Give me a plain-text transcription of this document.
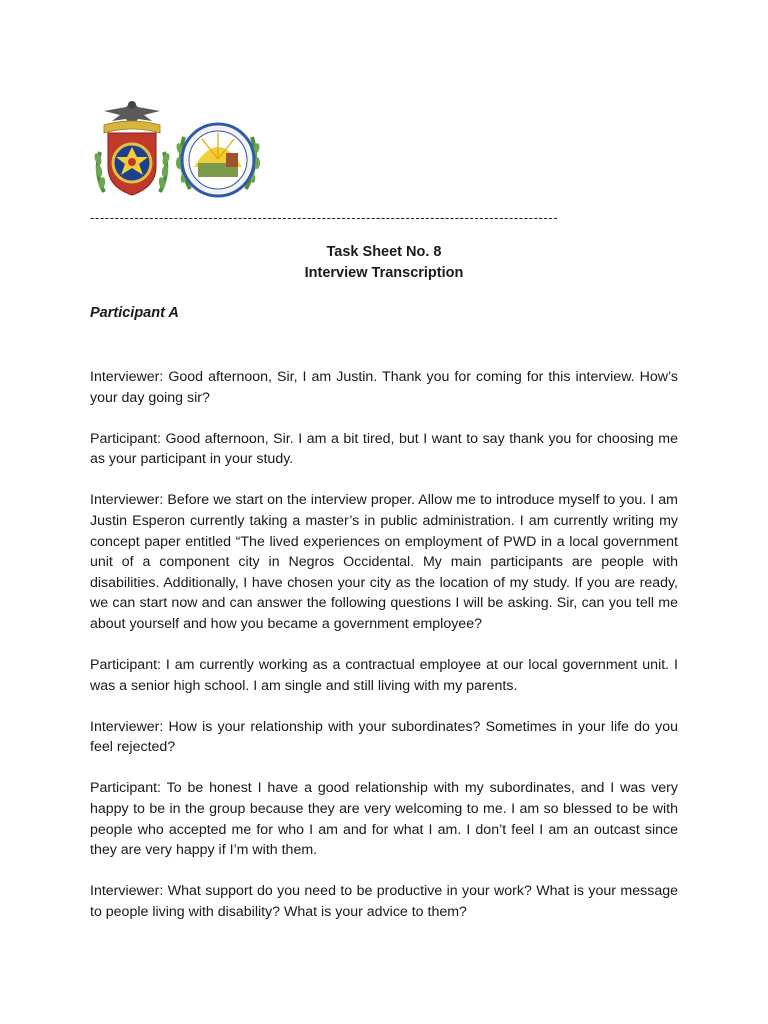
-----------------------------------------------------------------------------------------------
Task Sheet No. 8
Interview Transcription
Participant A

Interviewer: Good afternoon, Sir, I am Justin. Thank you for coming for this interview. How’s your day going sir?

Participant: Good afternoon, Sir. I am a bit tired, but I want to say thank you for choosing me as your participant in your study.

Interviewer: Before we start on the interview proper. Allow me to introduce myself to you. I am Justin Esperon currently taking a master’s in public administration. I am currently writing my concept paper entitled “The lived experiences on employment of PWD in a local government unit of a component city in Negros Occidental. My main participants are people with disabilities. Additionally, I have chosen your city as the location of my study. If you are ready, we can start now and can answer the following questions I will be asking. Sir, can you tell me about yourself and how you became a government employee?

Participant: I am currently working as a contractual employee at our local government unit. I was a senior high school. I am single and still living with my parents.

Interviewer: How is your relationship with your subordinates? Sometimes in your life do you feel rejected?

Participant: To be honest I have a good relationship with my subordinates, and I was very happy to be in the group because they are very welcoming to me. I am so blessed to be with people who accepted me for who I am and for what I am. I don’t feel I am an outcast since they are very happy if I’m with them.

Interviewer: What support do you need to be productive in your work? What is your message to people living with disability? What is your advice to them?
